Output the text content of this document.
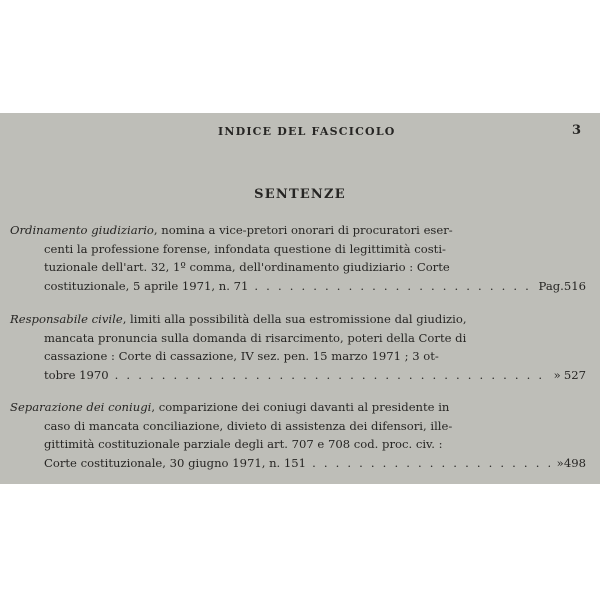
INDICE DEL FASCICOLO	3
SENTENZE
Ordinamento giudiziario, nomina a vice-pretori onorari di procuratori eser-
centi la professione forense, infondata questione di legittimità costi-
tuzionale dell'art. 32, 1º comma, dell'ordinamento giudiziario : Corte
costituzionale, 5 aprile 1971, n. 71 . . .	Pag. 516
Responsabile civile, limiti alla possibilità della sua estromissione dal giudizio,
mancata pronuncia sulla domanda di risarcimento, poteri della Corte di
cassazione : Corte di cassazione, IV sez. pen. 15 marzo 1971 ; 3 ot-
tobre 1970 . . .	» 527
Separazione dei coniugi, comparizione dei coniugi davanti al presidente in
caso di mancata conciliazione, divieto di assistenza dei difensori, ille-
gittimità costituzionale parziale degli art. 707 e 708 cod. proc. civ. :
Corte costituzionale, 30 giugno 1971, n. 151 . . .	» 498
